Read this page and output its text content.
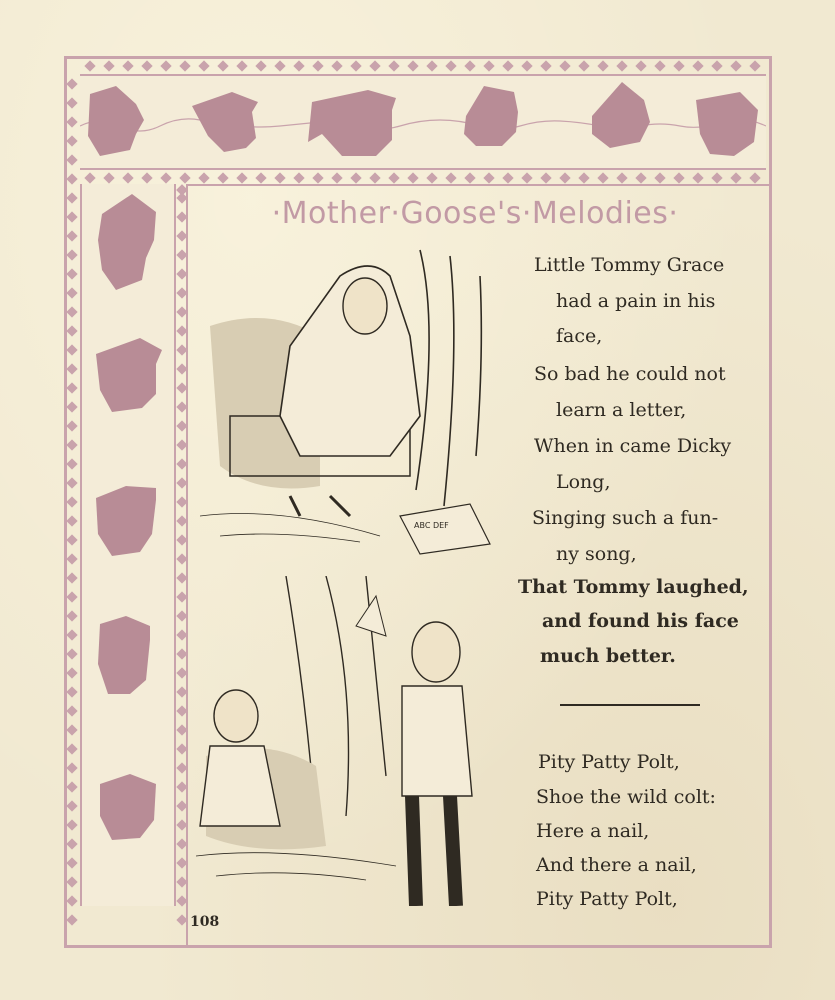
·Mother·Goose's·Melodies·
ABC DEF
Little Tommy Grace
had a pain in his
face,
So bad he could not
learn a letter,
When in came Dicky
Long,
Singing such a fun-
ny song,
That Tommy laughed,
and found his face
much better.
Pity Patty Polt,
Shoe the wild colt:
Here a nail,
And there a nail,
Pity Patty Polt,
108
